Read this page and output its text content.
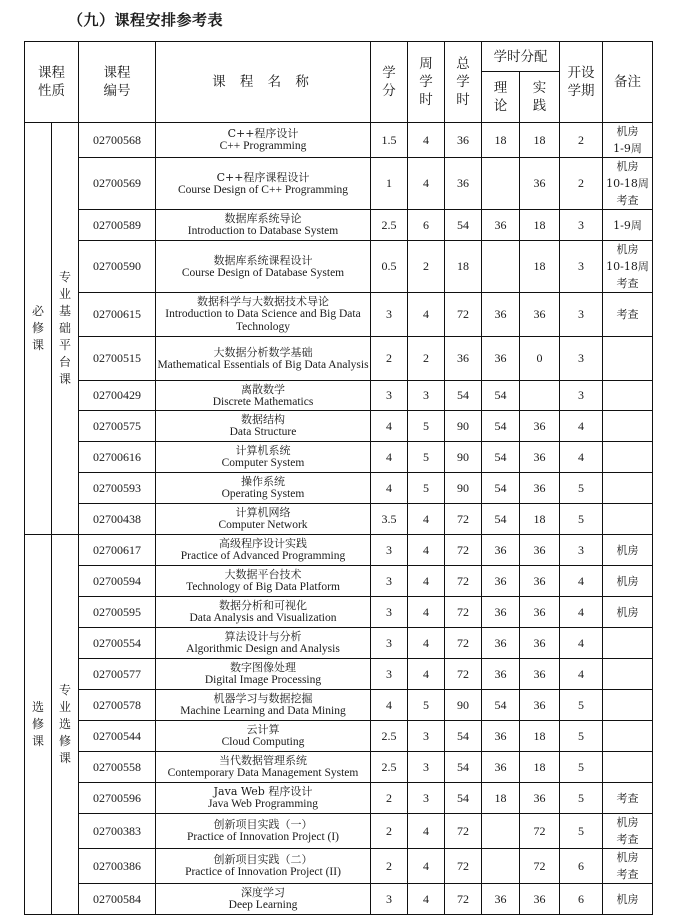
（九）课程安排参考表
课程性质		课程编号	课 程 名 称	学分	周学时	总学时	学时分配		开设学期	备注

							理论	实践		

必修课	专业基础平台课	02700568	C++程序设计
C++ Programming	1.5	4	36	18	18	2	机房
1-9周

		02700569	C++程序课程设计
Course Design of C++ Programming	1	4	36		36	2	机房
10-18周
考查

		02700589	数据库系统导论
Introduction to Database System	2.5	6	54	36	18	3	1-9周

		02700590	数据库系统课程设计
Course Design of Database System	0.5	2	18		18	3	机房
10-18周
考查

		02700615	数据科学与大数据技术导论
Introduction to Data Science and Big Data Technology	3	4	72	36	36	3	考查

		02700515	大数据分析数学基础
Mathematical Essentials of Big Data Analysis	2	2	36	36	0	3	
		02700429	离散数学
Discrete Mathematics	3	3	54	54		3	
		02700575	数据结构
Data Structure	4	5	90	54	36	4	
		02700616	计算机系统
Computer System	4	5	90	54	36	4	
		02700593	操作系统
Operating System	4	5	90	54	36	5	
		02700438	计算机网络
Computer Network	3.5	4	72	54	18	5	

选修课	专业选修课	02700617	高级程序设计实践
Practice of Advanced Programming	3	4	72	36	36	3	机房

		02700594	大数据平台技术
Technology of Big Data Platform	3	4	72	36	36	4	机房

		02700595	数据分析和可视化
Data Analysis and Visualization	3	4	72	36	36	4	机房

		02700554	算法设计与分析
Algorithmic Design and Analysis	3	4	72	36	36	4	
		02700577	数字图像处理
Digital Image Processing	3	4	72	36	36	4	
		02700578	机器学习与数据挖掘
Machine Learning and Data Mining	4	5	90	54	36	5	
		02700544	云计算
Cloud Computing	2.5	3	54	36	18	5	
		02700558	当代数据管理系统
Contemporary Data Management System	2.5	3	54	36	18	5	
		02700596	Java Web 程序设计
Java Web Programming	2	3	54	18	36	5	考查

		02700383	创新项目实践（一）
Practice of Innovation Project (I)	2	4	72		72	5	机房
考查

		02700386	创新项目实践（二）
Practice of Innovation Project (II)	2	4	72		72	6	机房
考查

		02700584	深度学习
Deep Learning	3	4	72	36	36	6	机房
